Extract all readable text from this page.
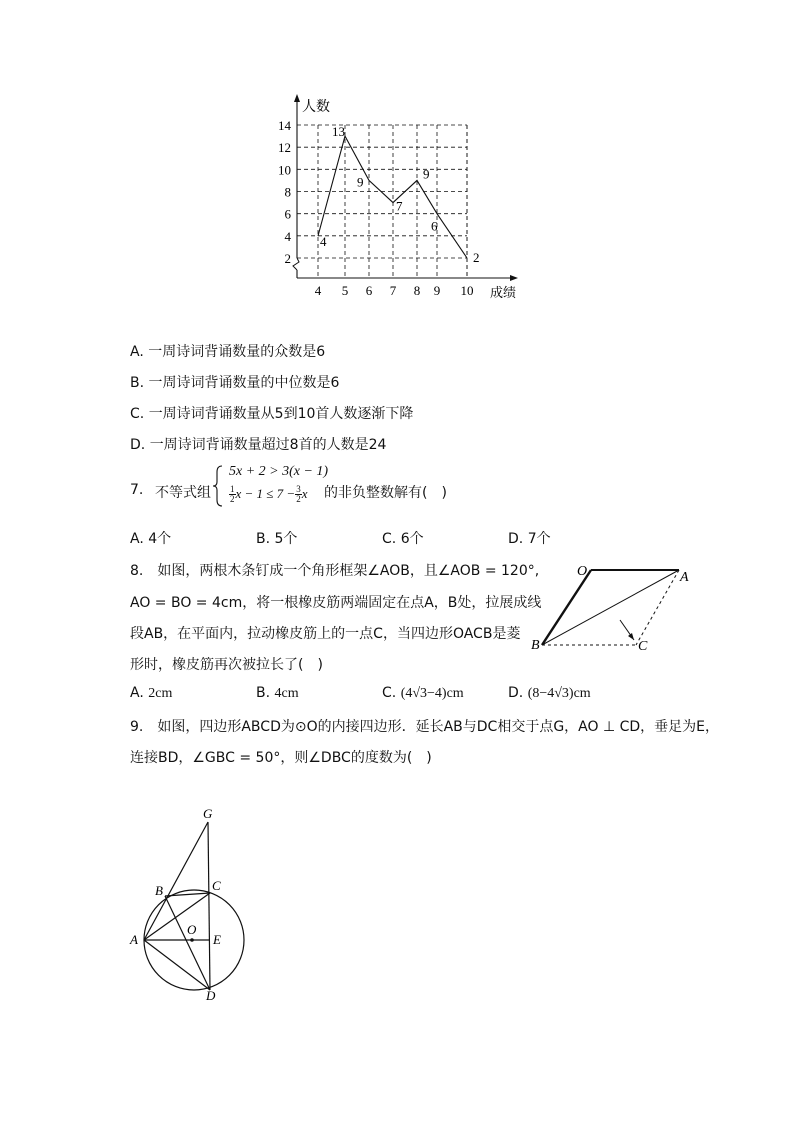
2
4
6
8
10
12
14
4 5 6 7 8 9 10
4
13
9
7
9
6
2
人数
成绩
A. 一周诗词背诵数量的众数是6
B. 一周诗词背诵数量的中位数是6
C. 一周诗词背诵数量从5到10首人数逐渐下降
D. 一周诗词背诵数量超过8首的人数是24
7. 不等式组
5x + 2 > 3(x − 1)
$\frac{1}{2}$ $x - 1 \le 7 - \frac{3}{2}$ x 的非负整数解有(　)
A. 4个	B. 5个	C. 6个	D. 7个
8.　如图，两根木条钉成一个角形框架∠AOB，且∠AOB = 120°,
AO = BO = 4cm，将一根橡皮筋两端固定在点A，B处，拉展成线
段AB，在平面内，拉动橡皮筋上的一点C，当四边形OACB是菱
形时，橡皮筋再次被拉长了(　)
O	A
B	C
A. 2cm	B. 4cm	C. (4√3−4)cm	D. (8−4√3)cm
9.　如图，四边形ABCD为⊙O的内接四边形．延长AB与DC相交于点G，AO ⊥ CD，垂足为E，
连接BD，∠GBC = 50°，则∠DBC的度数为(　)
G
B	C
A
O
E
D
